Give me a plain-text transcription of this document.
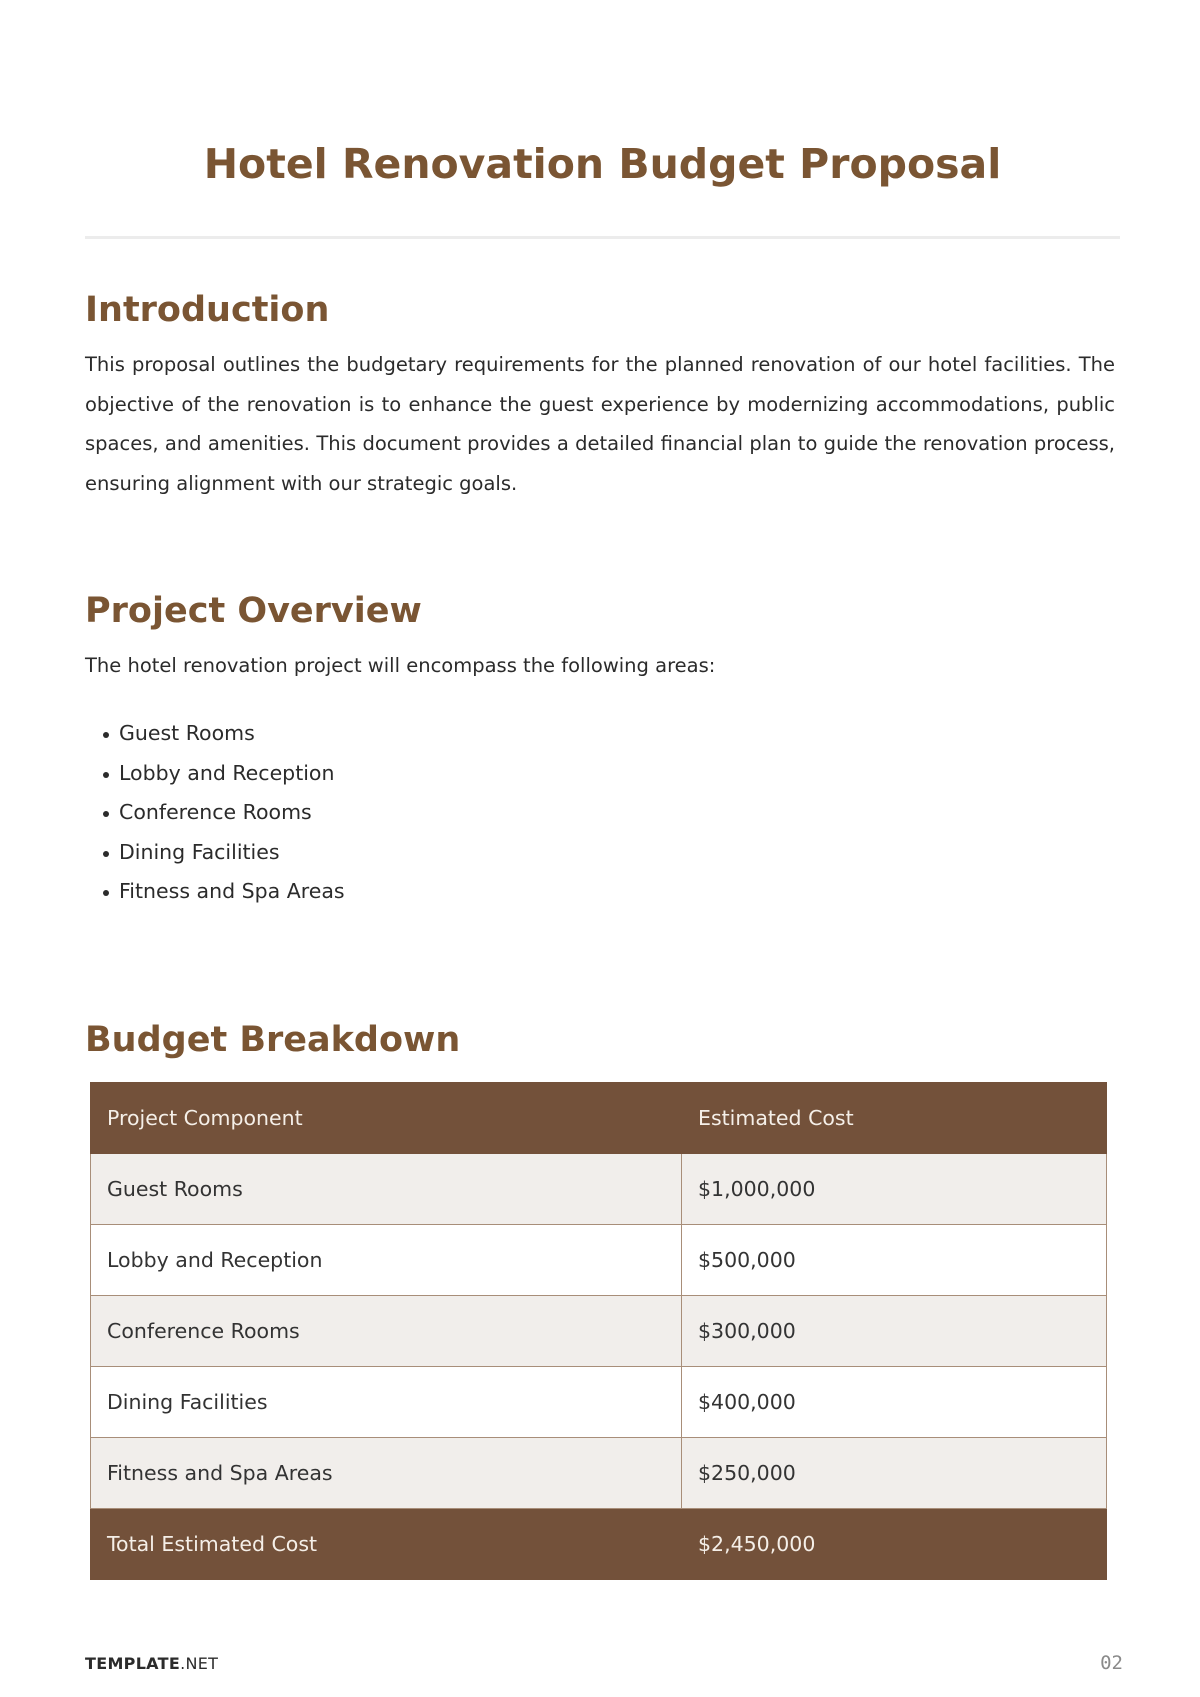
Hotel Renovation Budget Proposal
Introduction

This proposal outlines the budgetary requirements for the planned renovation of our hotel facilities. The objective of the renovation is to enhance the guest experience by modernizing accommodations, public spaces, and amenities. This document provides a detailed financial plan to guide the renovation process, ensuring alignment with our strategic goals.

Project Overview

The hotel renovation project will encompass the following areas:

Guest Rooms
Lobby and Reception
Conference Rooms
Dining Facilities
Fitness and Spa Areas
Budget Breakdown
Project Component	Estimated Cost
Guest Rooms	$1,000,000
Lobby and Reception	$500,000
Conference Rooms	$300,000
Dining Facilities	$400,000
Fitness and Spa Areas	$250,000
Total Estimated Cost	$2,450,000
TEMPLATE.NET	02
